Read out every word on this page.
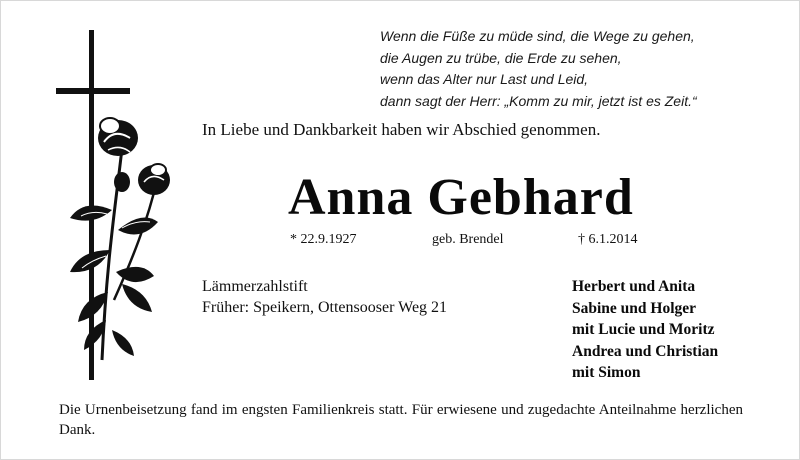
Wenn die Füße zu müde sind, die Wege zu gehen,
die Augen zu trübe, die Erde zu sehen,
wenn das Alter nur Last und Leid,
dann sagt der Herr: „Komm zu mir, jetzt ist es Zeit.“
In Liebe und Dankbarkeit haben wir Abschied genommen.
Anna Gebhard
* 22.9.1927	geb. Brendel	† 6.1.2014
Lämmerzahlstift
Früher: Speikern, Ottensooser Weg 21
Herbert und Anita
Sabine und Holger
mit Lucie und Moritz
Andrea und Christian
mit Simon
Die Urnenbeisetzung fand im engsten Familienkreis statt. Für erwiesene und zugedachte Anteilnahme herzlichen Dank.
